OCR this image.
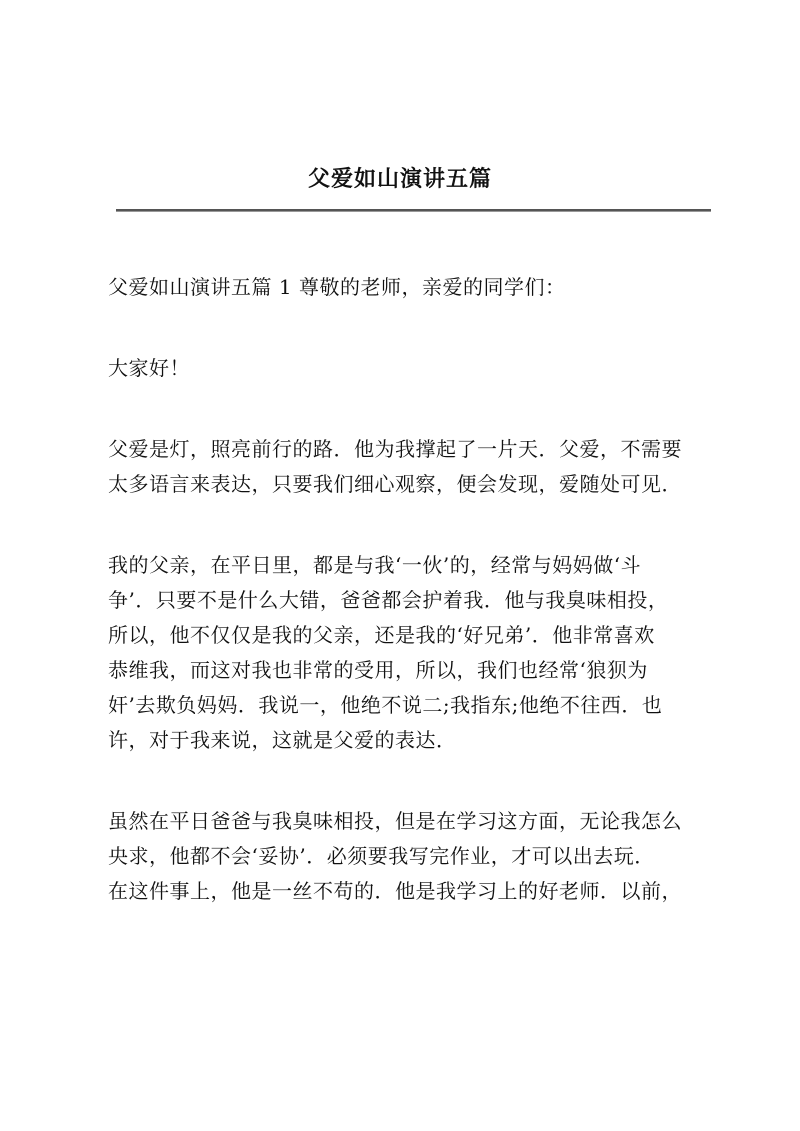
父爱如山演讲五篇

父爱如山演讲五篇 1 尊敬的老师，亲爱的同学们：

大家好！

父爱是灯，照亮前行的路．他为我撑起了一片天．父爱，不需要
太多语言来表达，只要我们细心观察，便会发现，爱随处可见．

我的父亲，在平日里，都是与我‘一伙’的，经常与妈妈做‘斗
争’．只要不是什么大错，爸爸都会护着我．他与我臭味相投，
所以，他不仅仅是我的父亲，还是我的‘好兄弟’．他非常喜欢
恭维我，而这对我也非常的受用，所以，我们也经常‘狼狈为
奸’去欺负妈妈．我说一，他绝不说二;我指东;他绝不往西．也
许，对于我来说，这就是父爱的表达．

虽然在平日爸爸与我臭味相投，但是在学习这方面，无论我怎么
央求，他都不会‘妥协’．必须要我写完作业，才可以出去玩．
在这件事上，他是一丝不苟的．他是我学习上的好老师．以前，
